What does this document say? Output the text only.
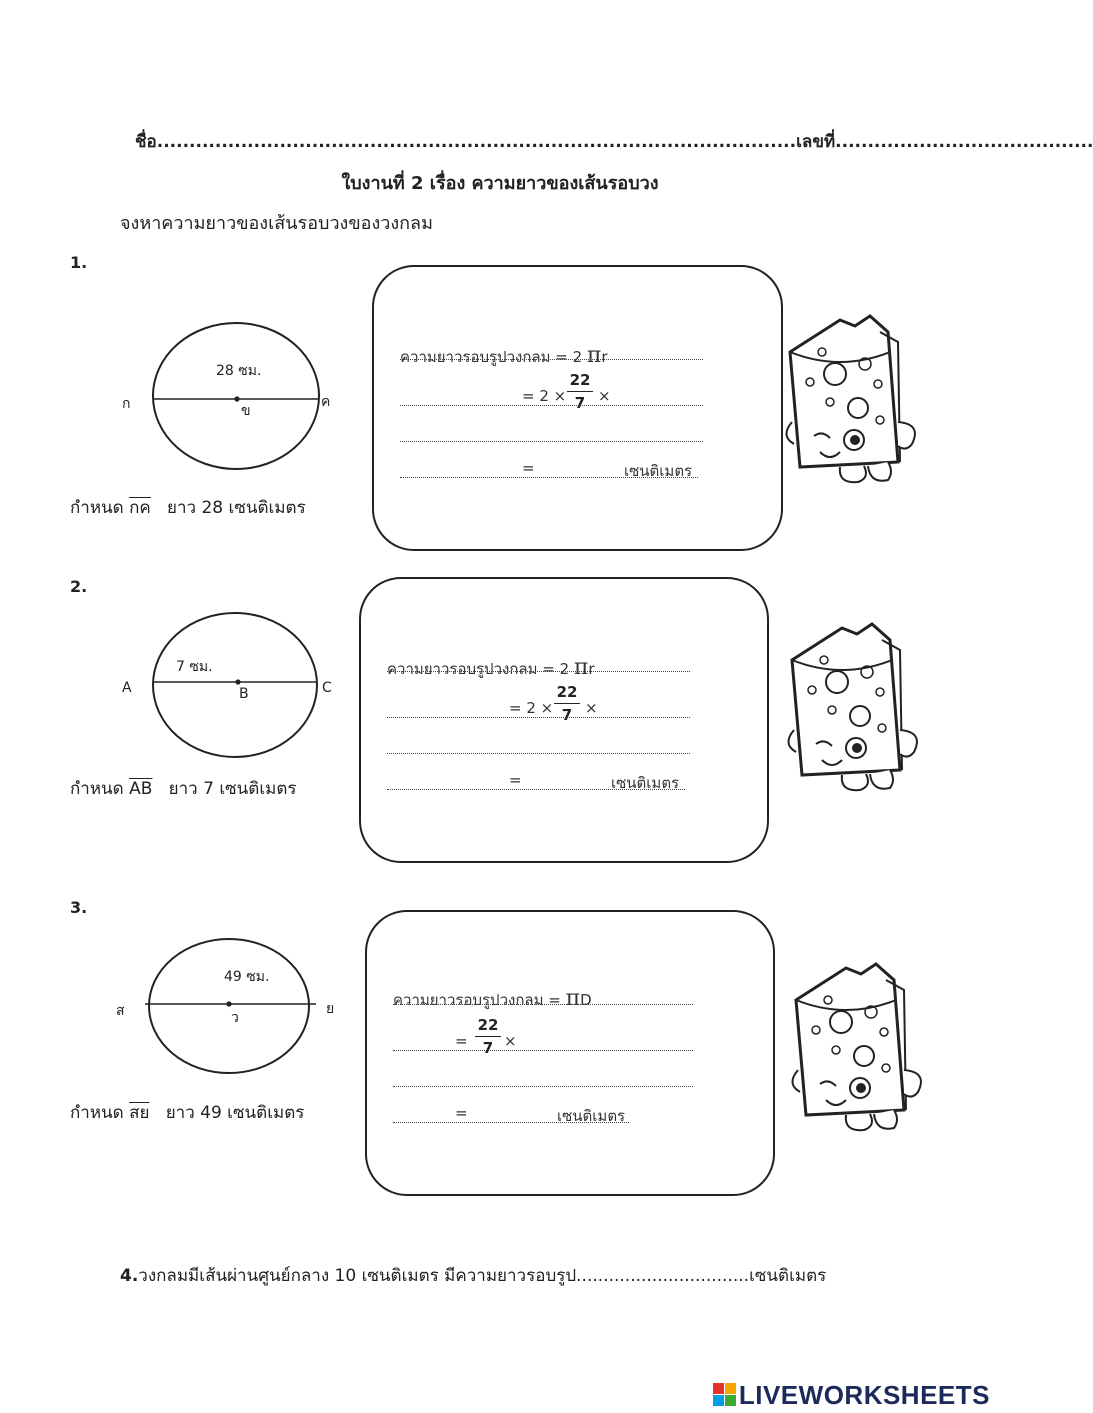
ชื่อ...................................................................................................เลขที่........................................
ใบงานที่ 2 เรื่อง ความยาวของเส้นรอบวง
จงหาความยาวของเส้นรอบวงของวงกลม
1.
28 ซม.
ก	ข
ค
กำหนด กค ยาว 28 เซนติเมตร
ความยาวรอบรูปวงกลม = 2 πr
= 2 ×
22
7 ×
=	เซนติเมตร
2.
7 ซม.
A	B	C
กำหนด $\overline{AB}$ ยาว 7 เซนติเมตร
ความยาวรอบรูปวงกลม = 2 πr
= 2 ×
22
7 ×
=	เซนติเมตร
3.
49 ซม.
ส	ว
ย
กำหนด สย ยาว 49 เซนติเมตร
ความยาวรอบรูปวงกลม = πD
=
22
7 ×
=	เซนติเมตร
4.วงกลมมีเส้นผ่านศูนย์กลาง 10 เซนติเมตร มีความยาวรอบรูป................................เซนติเมตร
LIVEWORKSHEETS
